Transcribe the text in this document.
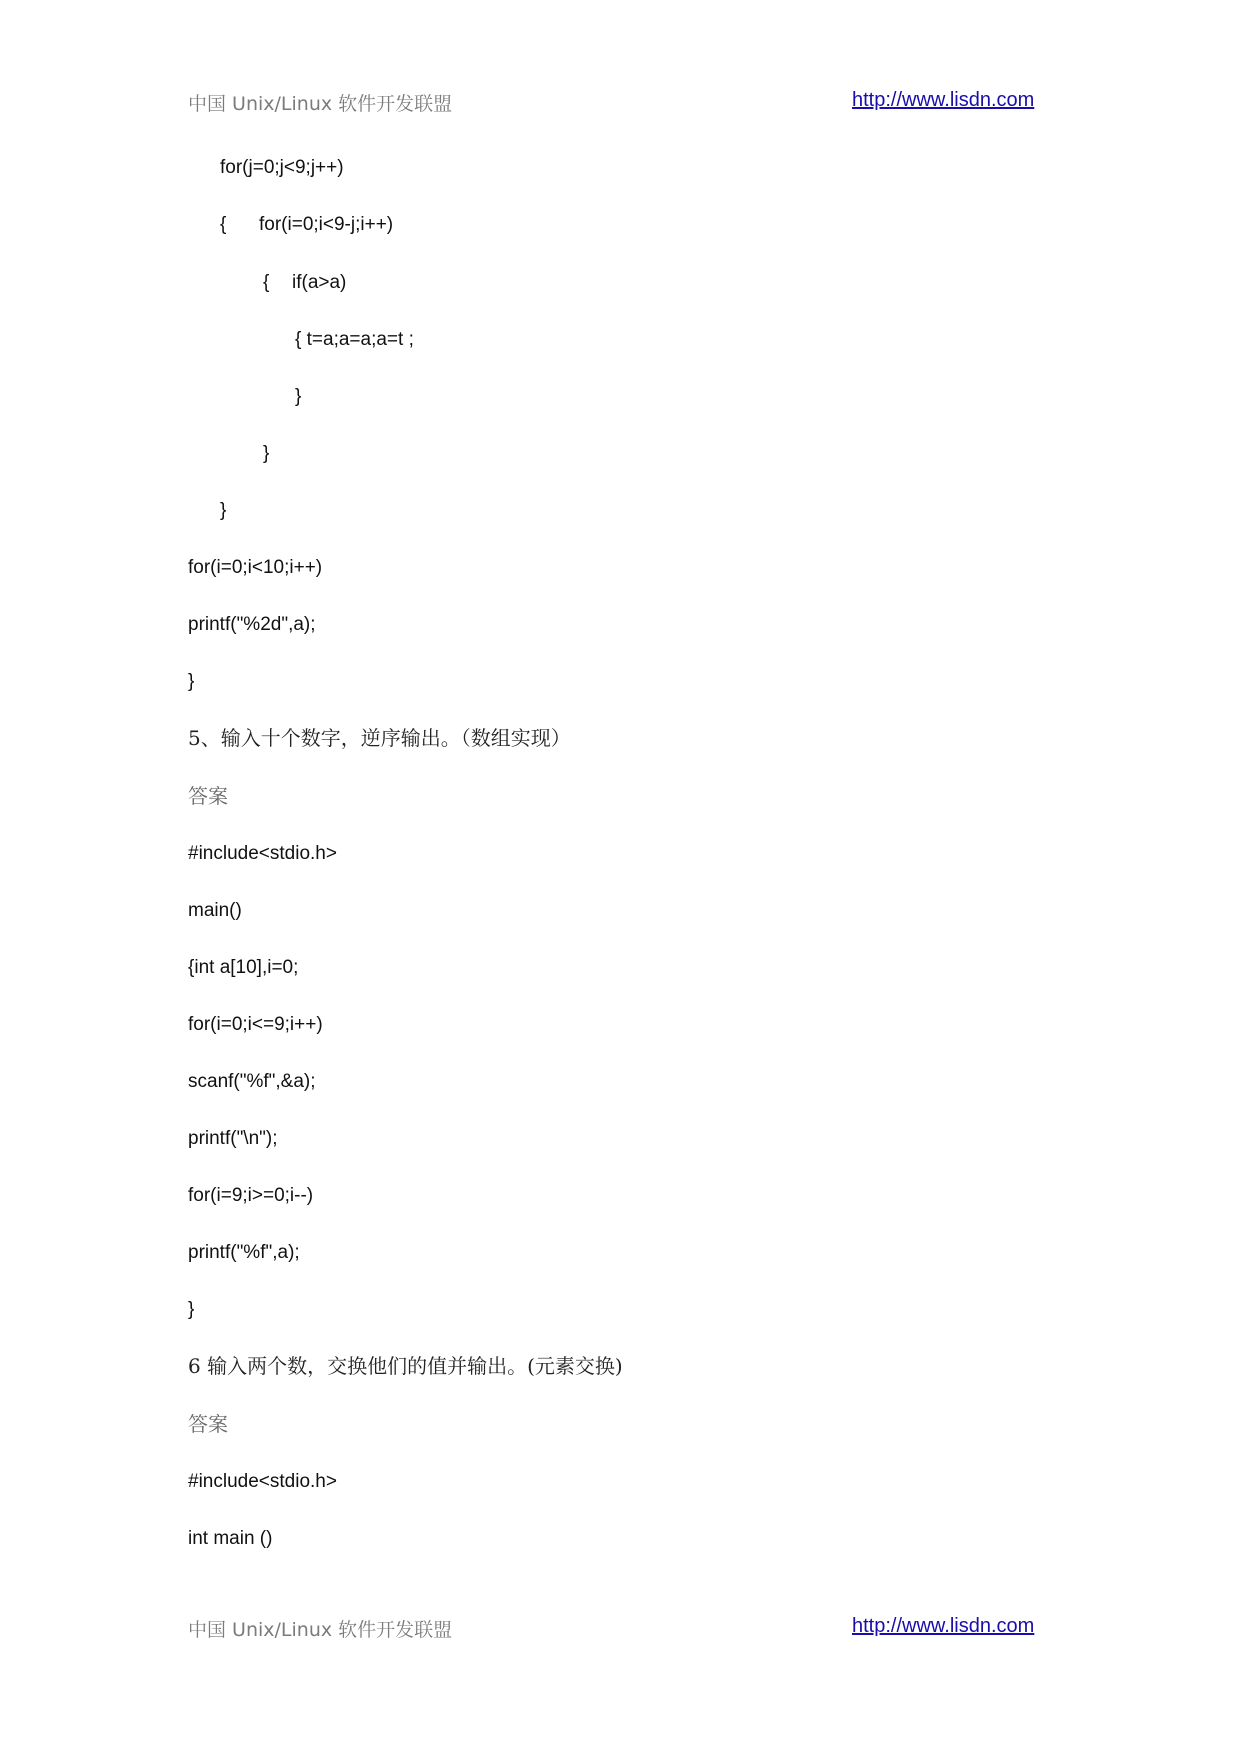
中国 Unix/Linux 软件开发联盟	http://www.lisdn.com
for(j=0;j<9;j++)
{ for(i=0;i<9-j;i++)
{ if(a>a)
{ t=a;a=a;a=t ;
}
}
}
for(i=0;i<10;i++)
printf("%2d",a);
}
5、输入十个数字，逆序输出。（数组实现）
答案
#include<stdio.h>
main()
{int a[10],i=0;
for(i=0;i<=9;i++)
scanf("%f",&a);
printf("\n");
for(i=9;i>=0;i--)
printf("%f",a);
}
6 输入两个数，交换他们的值并输出。(元素交换)
答案
#include<stdio.h>
int main ()
中国 Unix/Linux 软件开发联盟	http://www.lisdn.com
